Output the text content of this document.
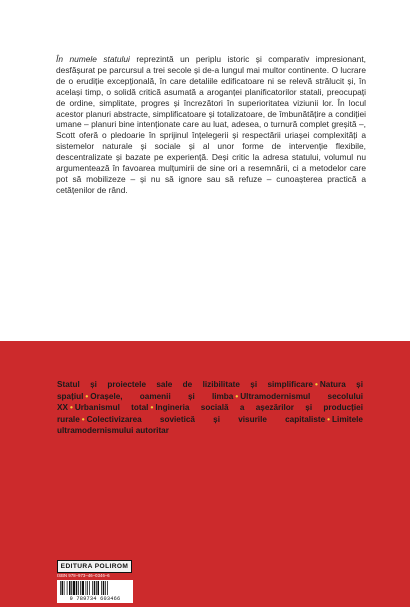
În numele statului reprezintă un periplu istoric și comparativ impresionant, desfășurat pe parcursul a trei secole și de-a lungul mai multor continente. O lucrare de o erudiție excepțională, în care detaliile edificatoare ni se relevă strălucit și, în același timp, o solidă critică asumată a aroganței planificatorilor statali, preocupați de ordine, simplitate, progres și încrezători în superioritatea viziunii lor. În locul acestor planuri abstracte, simplificatoare și totalizatoare, de îmbunătățire a condiției umane – planuri bine intenționate care au luat, adesea, o turnură complet greșită –, Scott oferă o pledoarie în sprijinul înțelegerii și respectării uriașei complexități a sistemelor naturale și sociale și al unor forme de intervenție flexibile, descentralizate și bazate pe experiență. Deși critic la adresa statului, volumul nu argumentează în favoarea mulțumirii de sine ori a resemnării, ci a metodelor care pot să mobilizeze – și nu să ignore sau să refuze – cunoașterea practică a cetățenilor de rând.

Statul și proiectele sale de lizibilitate și simplificare • Natura și spațiul • Orașele, oamenii și limba • Ultramodernismul secolului XX • Urbanismul total • Ingineria socială a așezărilor și producției rurale • Colectivizarea sovietică și visurile capitaliste • Limitele ultramodernismului autoritar
EDITURA POLIROM
ISBN 978–973–46–0346–6
9 789734 603466
